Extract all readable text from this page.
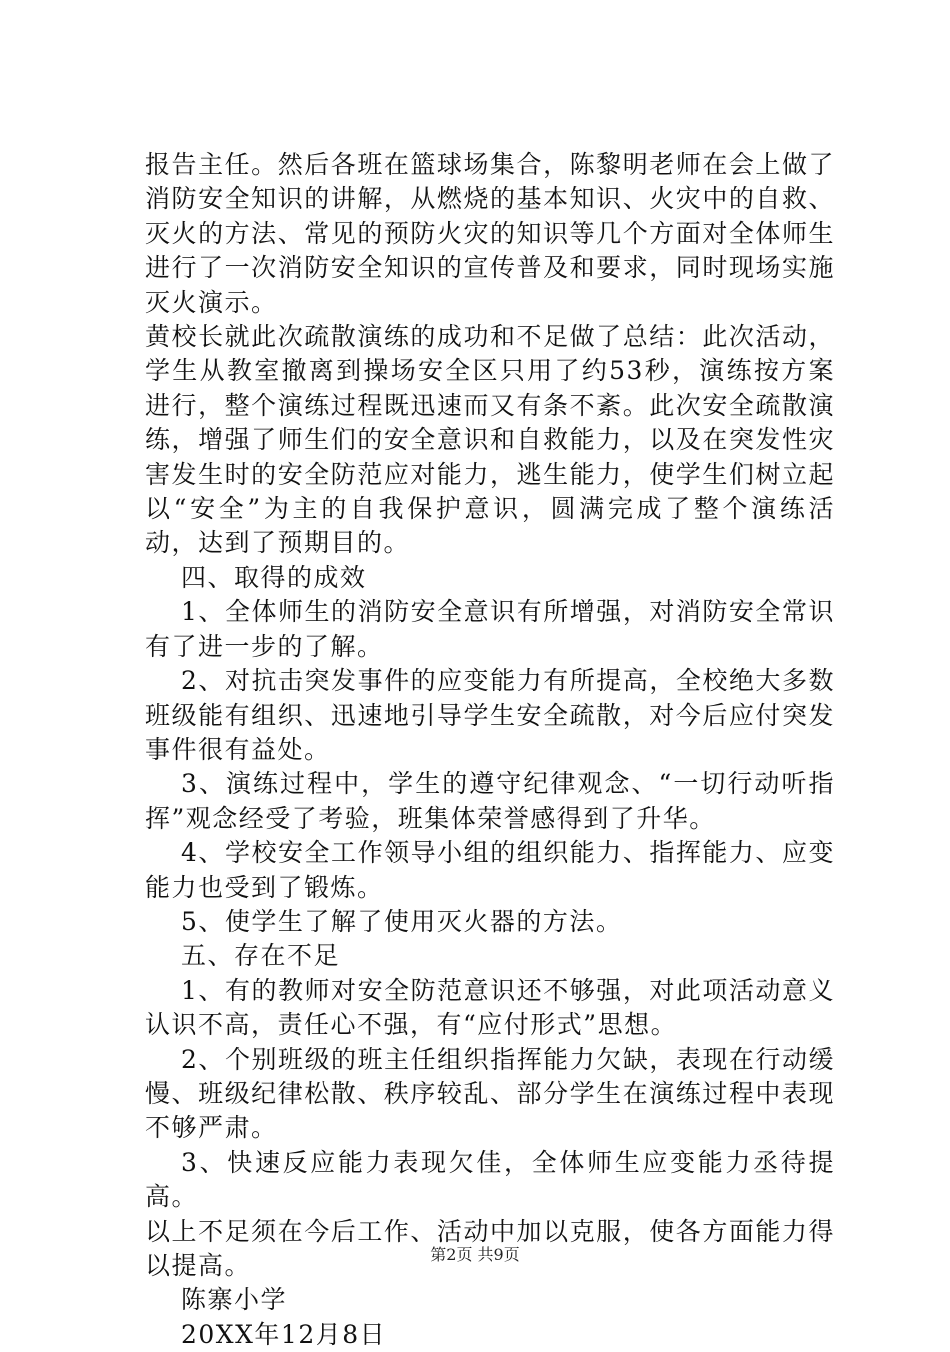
报告主任。然后各班在篮球场集合，陈黎明老师在会上做了消防安全知识的讲解，从燃烧的基本知识、火灾中的自救、灭火的方法、常见的预防火灾的知识等几个方面对全体师生进行了一次消防安全知识的宣传普及和要求，同时现场实施灭火演示。

黄校长就此次疏散演练的成功和不足做了总结：此次活动，学生从教室撤离到操场安全区只用了约53秒，演练按方案进行，整个演练过程既迅速而又有条不紊。此次安全疏散演练，增强了师生们的安全意识和自救能力，以及在突发性灾害发生时的安全防范应对能力，逃生能力，使学生们树立起以“安全”为主的自我保护意识，圆满完成了整个演练活动，达到了预期目的。

四、取得的成效

1、全体师生的消防安全意识有所增强，对消防安全常识有了进一步的了解。

2、对抗击突发事件的应变能力有所提高，全校绝大多数班级能有组织、迅速地引导学生安全疏散，对今后应付突发事件很有益处。

3、演练过程中，学生的遵守纪律观念、“一切行动听指挥”观念经受了考验，班集体荣誉感得到了升华。

4、学校安全工作领导小组的组织能力、指挥能力、应变能力也受到了锻炼。

5、使学生了解了使用灭火器的方法。

五、存在不足

1、有的教师对安全防范意识还不够强，对此项活动意义认识不高，责任心不强，有“应付形式”思想。

2、个别班级的班主任组织指挥能力欠缺，表现在行动缓慢、班级纪律松散、秩序较乱、部分学生在演练过程中表现不够严肃。

3、快速反应能力表现欠佳，全体师生应变能力丞待提高。

以上不足须在今后工作、活动中加以克服，使各方面能力得以提高。

陈寨小学

20XX年12月8日

第2页 共9页
